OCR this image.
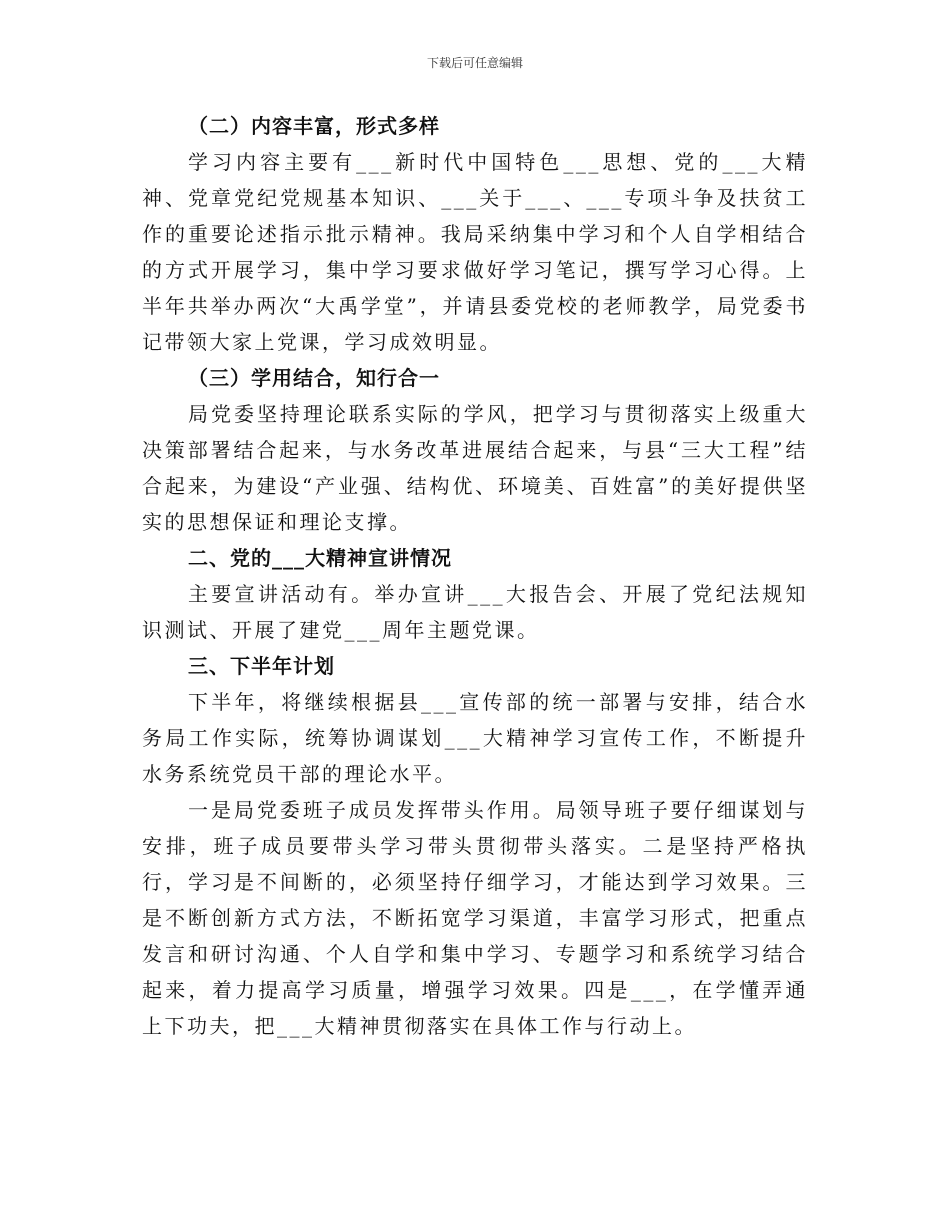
下载后可任意编辑

（二）内容丰富，形式多样

学习内容主要有___新时代中国特色___思想、党的___大精神、党章党纪党规基本知识、___关于___、___专项斗争及扶贫工作的重要论述指示批示精神。我局采纳集中学习和个人自学相结合的方式开展学习，集中学习要求做好学习笔记，撰写学习心得。上半年共举办两次“大禹学堂”，并请县委党校的老师教学，局党委书记带领大家上党课，学习成效明显。

（三）学用结合，知行合一

局党委坚持理论联系实际的学风，把学习与贯彻落实上级重大决策部署结合起来，与水务改革进展结合起来，与县“三大工程”结合起来，为建设“产业强、结构优、环境美、百姓富”的美好提供坚实的思想保证和理论支撑。

二、党的___大精神宣讲情况

主要宣讲活动有。举办宣讲___大报告会、开展了党纪法规知识测试、开展了建党___周年主题党课。

三、下半年计划

下半年，将继续根据县___宣传部的统一部署与安排，结合水务局工作实际，统筹协调谋划___大精神学习宣传工作，不断提升水务系统党员干部的理论水平。

一是局党委班子成员发挥带头作用。局领导班子要仔细谋划与安排，班子成员要带头学习带头贯彻带头落实。二是坚持严格执行，学习是不间断的，必须坚持仔细学习，才能达到学习效果。三是不断创新方式方法，不断拓宽学习渠道，丰富学习形式，把重点发言和研讨沟通、个人自学和集中学习、专题学习和系统学习结合起来，着力提高学习质量，增强学习效果。四是___，在学懂弄通上下功夫，把___大精神贯彻落实在具体工作与行动上。
